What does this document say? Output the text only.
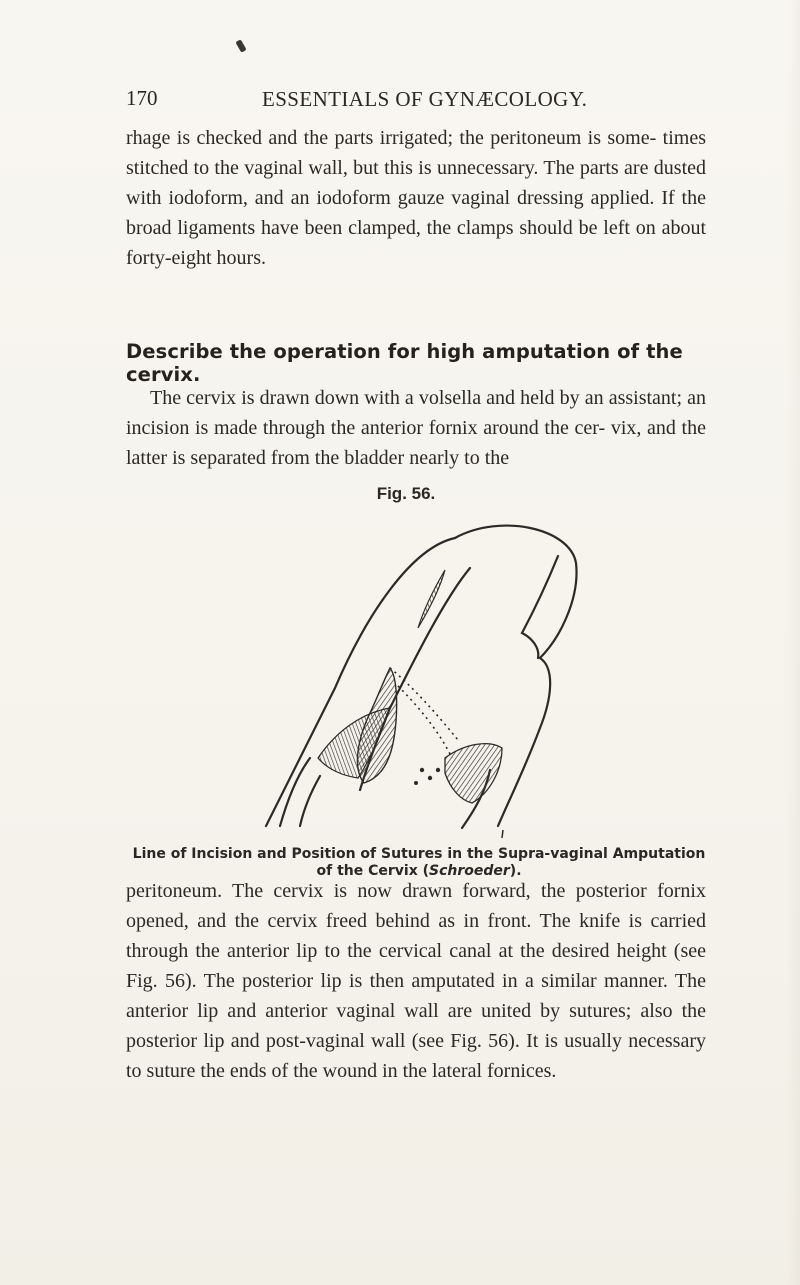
170	ESSENTIALS OF GYNÆCOLOGY.

rhage is checked and the parts irrigated; the peritoneum is some- times stitched to the vaginal wall, but this is unnecessary. The parts are dusted with iodoform, and an iodoform gauze vaginal dressing applied. If the broad ligaments have been clamped, the clamps should be left on about forty-eight hours.

Describe the operation for high amputation of the cervix.

The cervix is drawn down with a volsella and held by an assistant; an incision is made through the anterior fornix around the cer- vix, and the latter is separated from the bladder nearly to the

Fig. 56.
Line of Incision and Position of Sutures in the Supra-vaginal Amputation of the Cervix (Schroeder).

peritoneum. The cervix is now drawn forward, the posterior fornix opened, and the cervix freed behind as in front. The knife is carried through the anterior lip to the cervical canal at the desired height (see Fig. 56). The posterior lip is then amputated in a similar manner. The anterior lip and anterior vaginal wall are united by sutures; also the posterior lip and post-vaginal wall (see Fig. 56). It is usually necessary to suture the ends of the wound in the lateral fornices.
